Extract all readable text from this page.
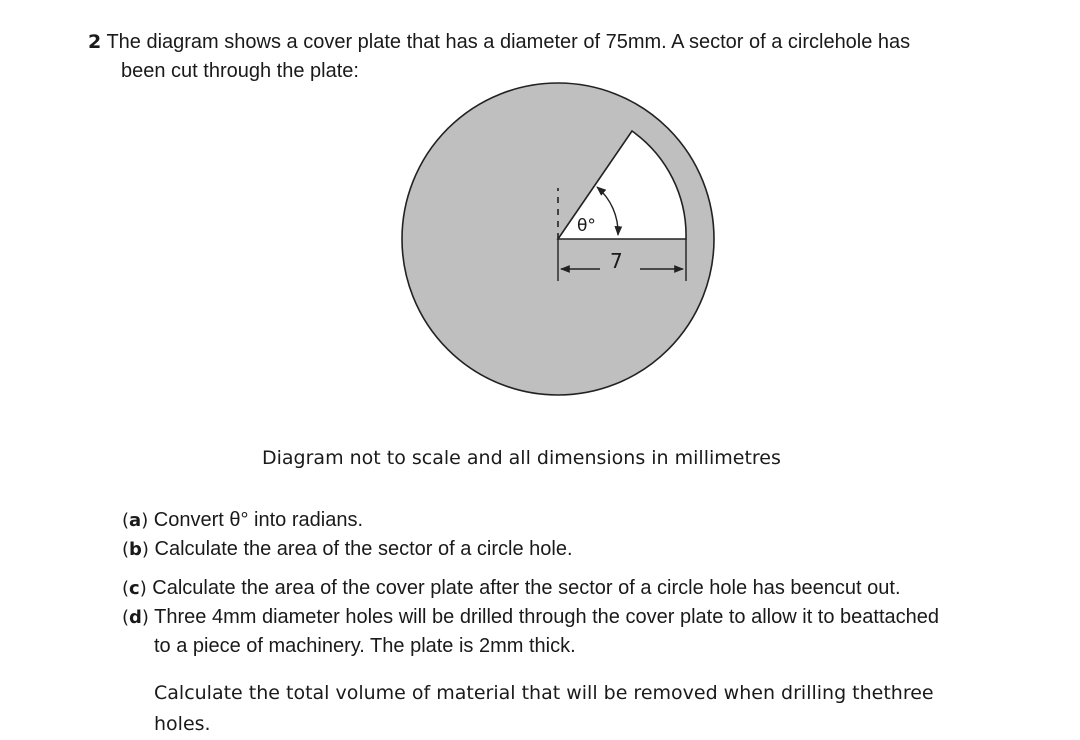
2 The diagram shows a cover plate that has a diameter of 75mm. A sector of a circlehole has
been cut through the plate:
θ°
7
Diagram not to scale and all dimensions in millimetres
(a) Convert θ° into radians.
(b) Calculate the area of the sector of a circle hole.
(c) Calculate the area of the cover plate after the sector of a circle hole has beencut out.
(d) Three 4mm diameter holes will be drilled through the cover plate to allow it to beattached
to a piece of machinery. The plate is 2mm thick.
Calculate the total volume of material that will be removed when drilling thethree
holes.
